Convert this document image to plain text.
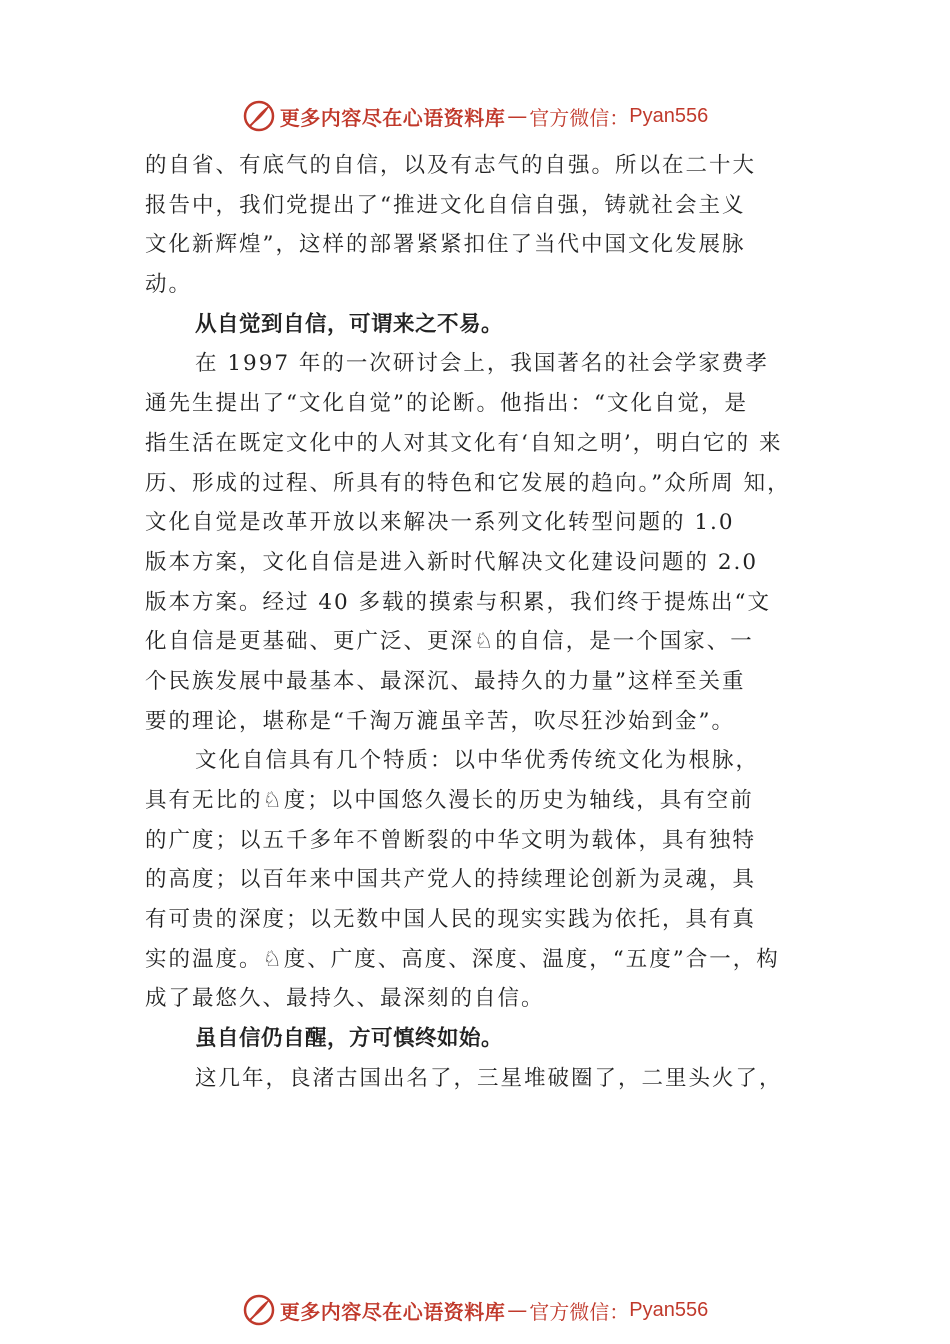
更多内容尽在心语资料库 — 官方微信： Pyan556
的自省、有底气的自信，以及有志气的自强。所以在二十大
报告中，我们党提出了“推进文化自信自强，铸就社会主义
文化新辉煌”，这样的部署紧紧扣住了当代中国文化发展脉
动。
从自觉到自信，可谓来之不易。
在 1997 年的一次研讨会上，我国著名的社会学家费孝
通先生提出了“文化自觉”的论断。他指出：“文化自觉，是
指生活在既定文化中的人对其文化有‘自知之明’，明白它的 来
历、形成的过程、所具有的特色和它发展的趋向。”众所周 知，
文化自觉是改革开放以来解决一系列文化转型问题的 1.0
版本方案，文化自信是进入新时代解决文化建设问题的 2.0
版本方案。经过 40 多载的摸索与积累，我们终于提炼出“文
化自信是更基础、更广泛、更深♘的自信，是一个国家、一
个民族发展中最基本、最深沉、最持久的力量”这样至关重
要的理论，堪称是“千淘万漉虽辛苦，吹尽狂沙始到金”。
文化自信具有几个特质：以中华优秀传统文化为根脉，
具有无比的♘度；以中国悠久漫长的历史为轴线，具有空前
的广度；以五千多年不曾断裂的中华文明为载体，具有独特
的高度；以百年来中国共产党人的持续理论创新为灵魂，具
有可贵的深度；以无数中国人民的现实实践为依托，具有真
实的温度。♘度、广度、高度、深度、温度，“五度”合一，构
成了最悠久、最持久、最深刻的自信。
虽自信仍自醒，方可慎终如始。
这几年，良渚古国出名了，三星堆破圈了，二里头火了，
更多内容尽在心语资料库 — 官方微信： Pyan556
